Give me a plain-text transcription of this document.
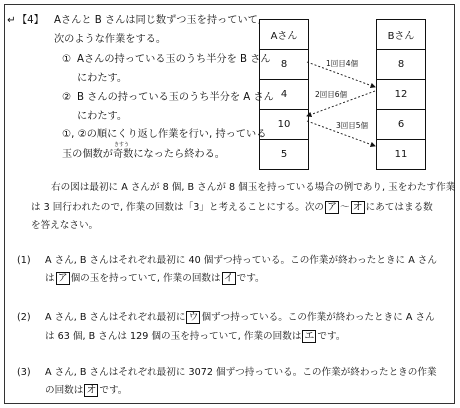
↵ 【4】 Aさんと B さんは同じ数ずつ玉を持っていて,
次のような作業をする。
① Aさんの持っている玉のうち半分を B さん
にわたす。
② B さんの持っている玉のうち半分を A さん
にわたす。
①, ②の順にくり返し作業を行い, 持っている
玉の個数が
きすう
奇数になったら終わる。
Aさん		Bさん
8		8
4		12
10		6
5		11
1回目4個
2回目6個
3回目5個
右の図は最初に A さんが 8 個, B さんが 8 個玉を持っている場合の例であり, 玉をわたす作業
は 3 回行われたので, 作業の回数は「3」と考えることにする。次の ア ～ オ にあてはまる数
を答えなさい。
(1) A さん, B さんはそれぞれ最初に 40 個ずつ持っている。この作業が終わったときに A さん
は ア 個の玉を持っていて, 作業の回数は イ です。
(2) A さん, B さんはそれぞれ最初に ウ 個ずつ持っている。この作業が終わったときに A さん
は 63 個, B さんは 129 個の玉を持っていて, 作業の回数は エ です。
(3) A さん, B さんはそれぞれ最初に 3072 個ずつ持っている。この作業が終わったときの作業
の回数は オ です。
